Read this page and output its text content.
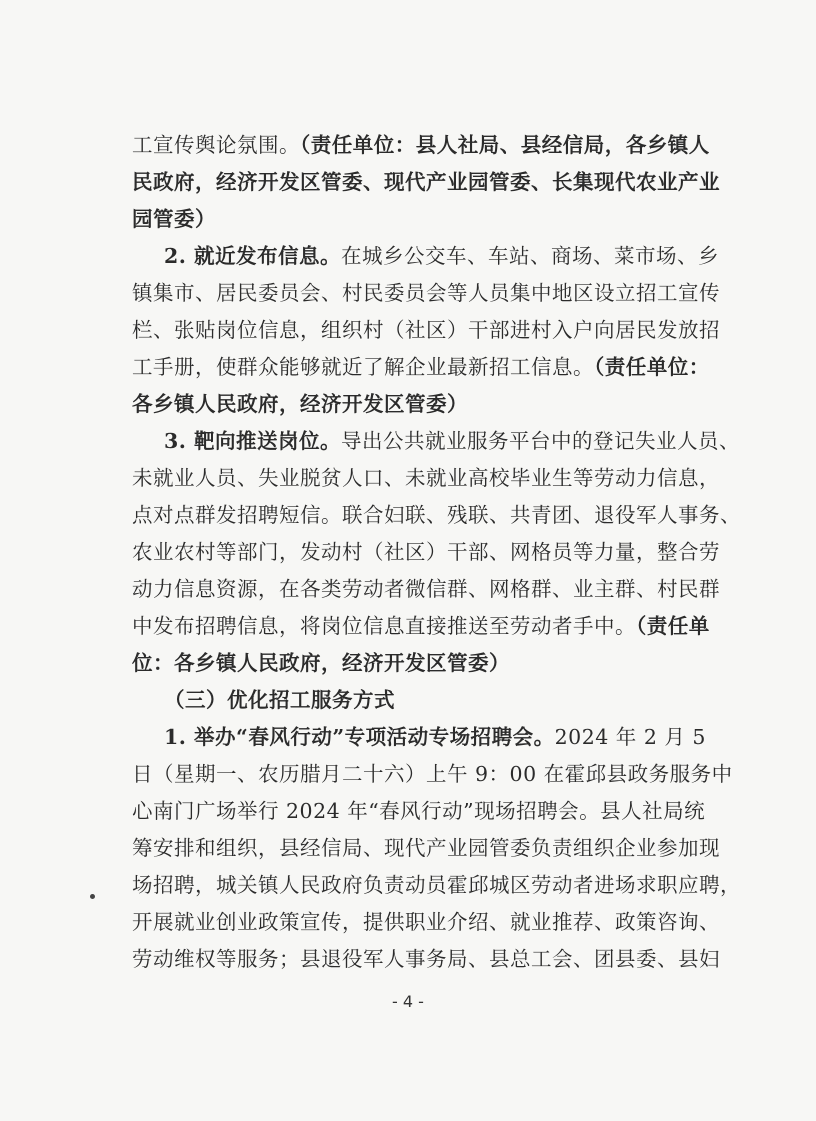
工宣传舆论氛围。（责任单位：县人社局、县经信局，各乡镇人
民政府，经济开发区管委、现代产业园管委、长集现代农业产业
园管委）
2. 就近发布信息。在城乡公交车、车站、商场、菜市场、乡
镇集市、居民委员会、村民委员会等人员集中地区设立招工宣传
栏、张贴岗位信息，组织村（社区）干部进村入户向居民发放招
工手册，使群众能够就近了解企业最新招工信息。（责任单位：
各乡镇人民政府，经济开发区管委）
3. 靶向推送岗位。导出公共就业服务平台中的登记失业人员、
未就业人员、失业脱贫人口、未就业高校毕业生等劳动力信息，
点对点群发招聘短信。联合妇联、残联、共青团、退役军人事务、
农业农村等部门，发动村（社区）干部、网格员等力量，整合劳
动力信息资源，在各类劳动者微信群、网格群、业主群、村民群
中发布招聘信息，将岗位信息直接推送至劳动者手中。（责任单
位：各乡镇人民政府，经济开发区管委）
（三）优化招工服务方式
1. 举办“春风行动”专项活动专场招聘会。2024 年 2 月 5
日（星期一、农历腊月二十六）上午 9：00 在霍邱县政务服务中
心南门广场举行 2024 年“春风行动”现场招聘会。县人社局统
筹安排和组织，县经信局、现代产业园管委负责组织企业参加现
场招聘，城关镇人民政府负责动员霍邱城区劳动者进场求职应聘，
开展就业创业政策宣传，提供职业介绍、就业推荐、政策咨询、
劳动维权等服务；县退役军人事务局、县总工会、团县委、县妇
- 4 -
